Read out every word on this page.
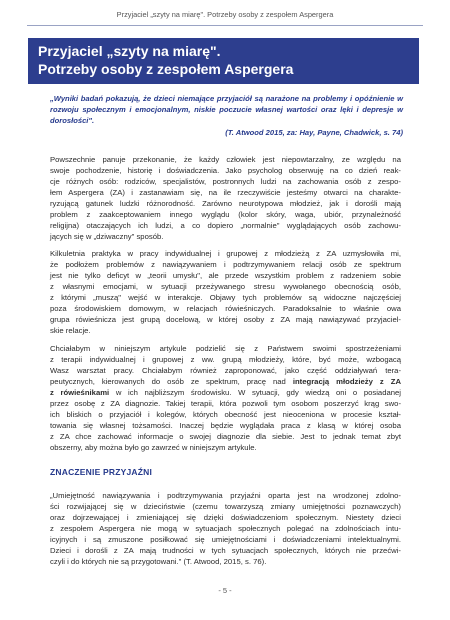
Przyjaciel „szyty na miarę". Potrzeby osoby z zespołem Aspergera
Przyjaciel „szyty na miarę".
Potrzeby osoby z zespołem Aspergera
„Wyniki badań pokazują, że dzieci niemające przyjaciół są narażone na problemy i opóźnienie w rozwoju społecznym i emocjonalnym, niskie poczucie własnej wartości oraz lęki i depresje w dorosłości".
(T. Atwood 2015, za: Hay, Payne, Chadwick, s. 74)
Powszechnie panuje przekonanie, że każdy człowiek jest niepowtarzalny, ze względu na
swoje pochodzenie, historię i doświadczenia. Jako psycholog obserwuję na co dzień reak-
cje różnych osób: rodziców, specjalistów, postronnych ludzi na zachowania osób z zespo-
łem Aspergera (ZA) i zastanawiam się, na ile rzeczywiście jesteśmy otwarci na charakte-
ryzującą gatunek ludzki różnorodność. Zarówno neurotypowa młodzież, jak i dorośli mają
problem z zaakceptowaniem innego wyglądu (kolor skóry, waga, ubiór, przynależność
religijna) otaczających ich ludzi, a co dopiero „normalnie" wyglądających osób zachowu-
jących się w „dziwaczny" sposób.
Kilkuletnia praktyka w pracy indywidualnej i grupowej z młodzieżą z ZA uzmysłowiła mi,
że podłożem problemów z nawiązywaniem i podtrzymywaniem relacji osób ze spektrum
jest nie tylko deficyt w „teorii umysłu", ale przede wszystkim problem z radzeniem sobie
z własnymi emocjami, w sytuacji przeżywanego stresu wywołanego obecnością osób,
z którymi „muszą" wejść w interakcje. Objawy tych problemów są widoczne najczęściej
poza środowiskiem domowym, w relacjach rówieśniczych. Paradoksalnie to właśnie owa
grupa rówieśnicza jest grupą docelową, w której osoby z ZA mają nawiązywać przyjaciel-
skie relacje.
Chciałabym w niniejszym artykule podzielić się z Państwem swoimi spostrzeżeniami
z terapii indywidualnej i grupowej z ww. grupą młodzieży, które, być może, wzbogacą
Wasz warsztat pracy. Chciałabym również zaproponować, jako część oddziaływań tera-
peutycznych, kierowanych do osób ze spektrum, pracę nad integracją młodzieży z ZA
z rówieśnikami w ich najbliższym środowisku. W sytuacji, gdy wiedzą oni o posiadanej
przez osobę z ZA diagnozie. Takiej terapii, która pozwoli tym osobom poszerzyć krąg swo-
ich bliskich o przyjaciół i kolegów, których obecność jest nieoceniona w procesie kształ-
towania się własnej tożsamości. Inaczej będzie wyglądała praca z klasą w której osoba
z ZA chce zachować informacje o swojej diagnozie dla siebie. Jest to jednak temat zbyt
obszerny, aby można było go zawrzeć w niniejszym artykule.
ZNACZENIE PRZYJAŹNI
„Umiejętność nawiązywania i podtrzymywania przyjaźni oparta jest na wrodzonej zdolno-
ści rozwijającej się w dzieciństwie (czemu towarzyszą zmiany umiejętności poznawczych)
oraz dojrzewającej i zmieniającej się dzięki doświadczeniom społecznym. Niestety dzieci
z zespołem Aspergera nie mogą w sytuacjach społecznych polegać na zdolnościach intu-
icyjnych i są zmuszone posiłkować się umiejętnościami i doświadczeniami intelektualnymi.
Dzieci i dorośli z ZA mają trudności w tych sytuacjach społecznych, których nie przećwi-
czyli i do których nie są przygotowani." (T. Atwood, 2015, s. 76).
- 5 -
